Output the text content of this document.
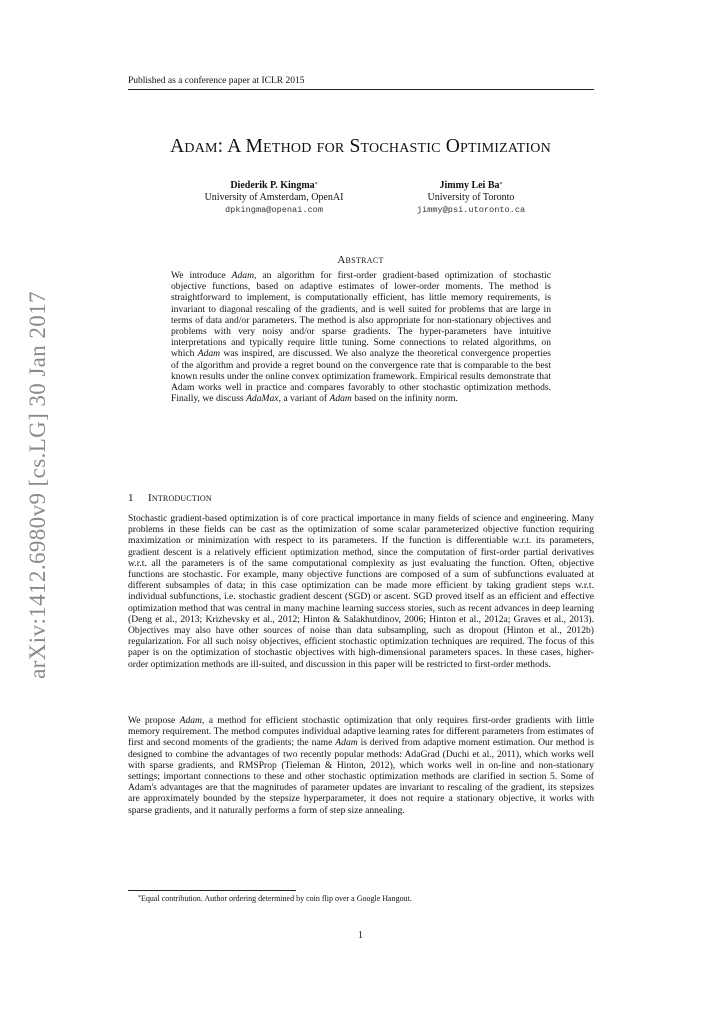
Published as a conference paper at ICLR 2015
arXiv:1412.6980v9 [cs.LG] 30 Jan 2017
Adam: A Method for Stochastic Optimization
Diederik P. Kingma*
University of Amsterdam, OpenAI
dpkingma@openai.com
Jimmy Lei Ba*
University of Toronto
jimmy@psi.utoronto.ca
Abstract
We introduce Adam, an algorithm for first-order gradient-based optimization of stochastic objective functions, based on adaptive estimates of lower-order moments. The method is straightforward to implement, is computationally efficient, has little memory requirements, is invariant to diagonal rescaling of the gradients, and is well suited for problems that are large in terms of data and/or parameters. The method is also appropriate for non-stationary objectives and problems with very noisy and/or sparse gradients. The hyper-parameters have intuitive interpretations and typically require little tuning. Some connections to related algorithms, on which Adam was inspired, are discussed. We also analyze the theoretical convergence properties of the algorithm and provide a regret bound on the convergence rate that is comparable to the best known results under the online convex optimization framework. Empirical results demonstrate that Adam works well in practice and compares favorably to other stochastic optimization methods. Finally, we discuss AdaMax, a variant of Adam based on the infinity norm.
1 Introduction
Stochastic gradient-based optimization is of core practical importance in many fields of science and engineering. Many problems in these fields can be cast as the optimization of some scalar parameterized objective function requiring maximization or minimization with respect to its parameters. If the function is differentiable w.r.t. its parameters, gradient descent is a relatively efficient optimization method, since the computation of first-order partial derivatives w.r.t. all the parameters is of the same computational complexity as just evaluating the function. Often, objective functions are stochastic. For example, many objective functions are composed of a sum of subfunctions evaluated at different subsamples of data; in this case optimization can be made more efficient by taking gradient steps w.r.t. individual subfunctions, i.e. stochastic gradient descent (SGD) or ascent. SGD proved itself as an efficient and effective optimization method that was central in many machine learning success stories, such as recent advances in deep learning (Deng et al., 2013; Krizhevsky et al., 2012; Hinton & Salakhutdinov, 2006; Hinton et al., 2012a; Graves et al., 2013). Objectives may also have other sources of noise than data subsampling, such as dropout (Hinton et al., 2012b) regularization. For all such noisy objectives, efficient stochastic optimization techniques are required. The focus of this paper is on the optimization of stochastic objectives with high-dimensional parameters spaces. In these cases, higher-order optimization methods are ill-suited, and discussion in this paper will be restricted to first-order methods.
We propose Adam, a method for efficient stochastic optimization that only requires first-order gradients with little memory requirement. The method computes individual adaptive learning rates for different parameters from estimates of first and second moments of the gradients; the name Adam is derived from adaptive moment estimation. Our method is designed to combine the advantages of two recently popular methods: AdaGrad (Duchi et al., 2011), which works well with sparse gradients, and RMSProp (Tieleman & Hinton, 2012), which works well in on-line and non-stationary settings; important connections to these and other stochastic optimization methods are clarified in section 5. Some of Adam's advantages are that the magnitudes of parameter updates are invariant to rescaling of the gradient, its stepsizes are approximately bounded by the stepsize hyperparameter, it does not require a stationary objective, it works with sparse gradients, and it naturally performs a form of step size annealing.
*Equal contribution. Author ordering determined by coin flip over a Google Hangout.
1
